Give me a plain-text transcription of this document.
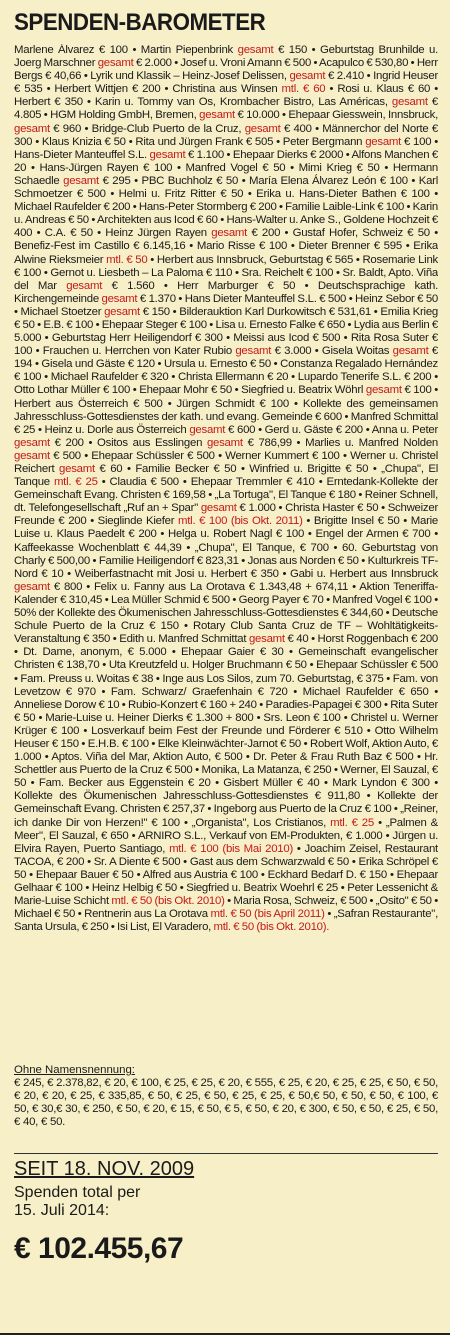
SPENDEN-BAROMETER
Marlene Álvarez € 100 • Martin Piepenbrink gesamt € 150 • Geburtstag Brunhilde u. Joerg Marschner gesamt € 2.000 • Josef u. Vroni Amann € 500 • Acapulco € 530,80 • Herr Bergs € 40,66 • Lyrik und Klassik – Heinz-Josef Delissen, gesamt € 2.410 • Ingrid Heuser € 535 • Herbert Wittjen € 200 • Christina aus Winsen mtl. € 60 • Rosi u. Klaus € 60 • Herbert € 350 • Karin u. Tommy van Os, Krombacher Bistro, Las Américas, gesamt € 4.805 • HGM Holding GmbH, Bremen, gesamt € 10.000 • Ehepaar Giesswein, Innsbruck, gesamt € 960 • Bridge-Club Puerto de la Cruz, gesamt € 400 • Männerchor del Norte € 300 • Klaus Knizia € 50 • Rita und Jürgen Frank € 505 • Peter Bergmann gesamt € 100 • Hans-Dieter Manteuffel S.L. gesamt € 1.100 • Ehepaar Dierks € 2000 • Alfons Manchen € 20 • Hans-Jürgen Rayen € 100 • Manfred Vogel € 50 • Mimi Krieg € 50 • Hermann Schaedle gesamt € 295 • PBC Buchholz € 50 • María Elena Álvarez León € 100 • Karl Schmoetzer € 500 • Helmi u. Fritz Ritter € 50 • Erika u. Hans-Dieter Bathen € 100 • Michael Raufelder € 200 • Hans-Peter Stormberg € 200 • Familie Laible-Link € 100 • Karin u. Andreas € 50 • Architekten aus Icod € 60 • Hans-Walter u. Anke S., Goldene Hochzeit € 400 • C.A. € 50 • Heinz Jürgen Rayen gesamt € 200 • Gustaf Hofer, Schweiz € 50 • Benefiz-Fest im Castillo € 6.145,16 • Mario Risse € 100 • Dieter Brenner € 595 • Erika Alwine Rieksmeier mtl. € 50 • Herbert aus Innsbruck, Geburtstag € 565 • Rosemarie Link € 100 • Gernot u. Liesbeth – La Paloma € 110 • Sra. Reichelt € 100 • Sr. Baldt, Apto. Viña del Mar gesamt € 1.560 • Herr Marburger € 50 • Deutschsprachige kath. Kirchengemeinde gesamt € 1.370 • Hans Dieter Manteuffel S.L. € 500 • Heinz Sebor € 50 • Michael Stoetzer gesamt € 150 • Bilderauktion Karl Durkowitsch € 531,61 • Emilia Krieg € 50 • E.B. € 100 • Ehepaar Steger € 100 • Lisa u. Ernesto Falke € 650 • Lydia aus Berlin € 5.000 • Geburtstag Herr Heiligendorf € 300 • Meissi aus Icod € 500 • Rita Rosa Suter € 100 • Frauchen u. Herrchen von Kater Rubio gesamt € 3.000 • Gisela Woitas gesamt € 194 • Gisela und Gäste € 120 • Ursula u. Ernesto € 50 • Constanza Regalado Hernández € 100 • Michael Raufelder € 320 • Christa Ellermann € 20 • Lupardo Tenerife S.L. € 200 • Otto Lothar Müller € 100 • Ehepaar Mohr € 50 • Siegfried u. Beatrix Wöhrl gesamt € 100 • Herbert aus Österreich € 500 • Jürgen Schmidt € 100 • Kollekte des gemeinsamen Jahresschluss-Gottesdienstes der kath. und evang. Gemeinde € 600 • Manfred Schmittal € 25 • Heinz u. Dorle aus Österreich gesamt € 600 • Gerd u. Gäste € 200 • Anna u. Peter gesamt € 200 • Ositos aus Esslingen gesamt € 786,99 • Marlies u. Manfred Nolden gesamt € 500 • Ehepaar Schüssler € 500 • Werner Kummert € 100 • Werner u. Christel Reichert gesamt € 60 • Familie Becker € 50 • Winfried u. Brigitte € 50 • „Chupa", El Tanque mtl. € 25 • Claudia € 500 • Ehepaar Tremmler € 410 • Erntedank-Kollekte der Gemeinschaft Evang. Christen € 169,58 • „La Tortuga", El Tanque € 180 • Reiner Schnell, dt. Telefongesellschaft „Ruf an + Spar" gesamt € 1.000 • Christa Haster € 50 • Schweizer Freunde € 200 • Sieglinde Kiefer mtl. € 100 (bis Okt. 2011) • Brigitte Insel € 50 • Marie Luise u. Klaus Paedelt € 200 • Helga u. Robert Nagl € 100 • Engel der Armen € 700 • Kaffeekasse Wochenblatt € 44,39 • „Chupa", El Tanque, € 700 • 60. Geburtstag von Charly € 500,00 • Familie Heiligendorf € 823,31 • Jonas aus Norden € 50 • Kulturkreis TF-Nord € 10 • Weiberfastnacht mit Josi u. Herbert € 350 • Gabi u. Herbert aus Innsbruck gesamt € 800 • Felix u. Fanny aus La Orotava € 1.343,48 + 674,11 • Aktion Teneriffa-Kalender € 310,45 • Lea Müller Schmid € 500 • Georg Payer € 70 • Manfred Vogel € 100 • 50% der Kollekte des Ökumenischen Jahresschluss-Gottesdienstes € 344,60 • Deutsche Schule Puerto de la Cruz € 150 • Rotary Club Santa Cruz de TF – Wohltätigkeits-Veranstaltung € 350 • Edith u. Manfred Schmittat gesamt € 40 • Horst Roggenbach € 200 • Dt. Dame, anonym, € 5.000 • Ehepaar Gaier € 30 • Gemeinschaft evangelischer Christen € 138,70 • Uta Kreutzfeld u. Holger Bruchmann € 50 • Ehepaar Schüssler € 500 • Fam. Preuss u. Woitas € 38 • Inge aus Los Silos, zum 70. Geburtstag, € 375 • Fam. von Levetzow € 970 • Fam. Schwarz/ Graefenhain € 720 • Michael Raufelder € 650 • Anneliese Dorow € 10 • Rubio-Konzert € 160 + 240 • Paradies-Papagei € 300 • Rita Suter € 50 • Marie-Luise u. Heiner Dierks € 1.300 + 800 • Srs. Leon € 100 • Christel u. Werner Krüger € 100 • Losverkauf beim Fest der Freunde und Förderer € 510 • Otto Wilhelm Heuser € 150 • E.H.B. € 100 • Elke Kleinwächter-Jarnot € 50 • Robert Wolf, Aktion Auto, € 1.000 • Aptos. Viña del Mar, Aktion Auto, € 500 • Dr. Peter & Frau Ruth Baz € 500 • Hr. Schettler aus Puerto de la Cruz € 500 • Monika, La Matanza, € 250 • Werner, El Sauzal, € 50 • Fam. Becker aus Eggenstein € 20 • Gisbert Müller € 40 • Mark Lyndon € 300 • Kollekte des Ökumenischen Jahresschluss-Gottesdienstes € 911,80 • Kollekte der Gemeinschaft Evang. Christen € 257,37 • Ingeborg aus Puerto de la Cruz € 100 • „Reiner, ich danke Dir von Herzen!" € 100 • „Organista", Los Cristianos, mtl. € 25 • „Palmen & Meer", El Sauzal, € 650 • ARNIRO S.L., Verkauf von EM-Produkten, € 1.000 • Jürgen u. Elvira Rayen, Puerto Santiago, mtl. € 100 (bis Mai 2010) • Joachim Zeisel, Restaurant TACOA, € 200 • Sr. A Diente € 500 • Gast aus dem Schwarzwald € 50 • Erika Schröpel € 50 • Ehepaar Bauer € 50 • Alfred aus Austria € 100 • Eckhard Bedarf D. € 150 • Ehepaar Gelhaar € 100 • Heinz Helbig € 50 • Siegfried u. Beatrix Woehrl € 25 • Peter Lessenicht & Marie-Luise Schicht mtl. € 50 (bis Okt. 2010) • Maria Rosa, Schweiz, € 500 • „Osito" € 50 • Michael € 50 • Rentnerin aus La Orotava mtl. € 50 (bis April 2011) • „Safran Restaurante", Santa Ursula, € 250 • Isi List, El Varadero, mtl. € 50 (bis Okt. 2010).
Ohne Namensnennung:
€ 245, € 2.378,82, € 20, € 100, € 25, € 25, € 20, € 555, € 25, € 20, € 25, € 25, € 50, € 50, € 20, € 20, € 25, € 335,85, € 50, € 25, € 50, € 25, € 25, € 50,€ 50, € 50, € 50, € 100, € 50, € 30,€ 30, € 250, € 50, € 20, € 15, € 50, € 5, € 50, € 20, € 300, € 50, € 50, € 25, € 50, € 40, € 50.
SEIT 18. NOV. 2009
Spenden total per
15. Juli 2014:
€ 102.455,67
